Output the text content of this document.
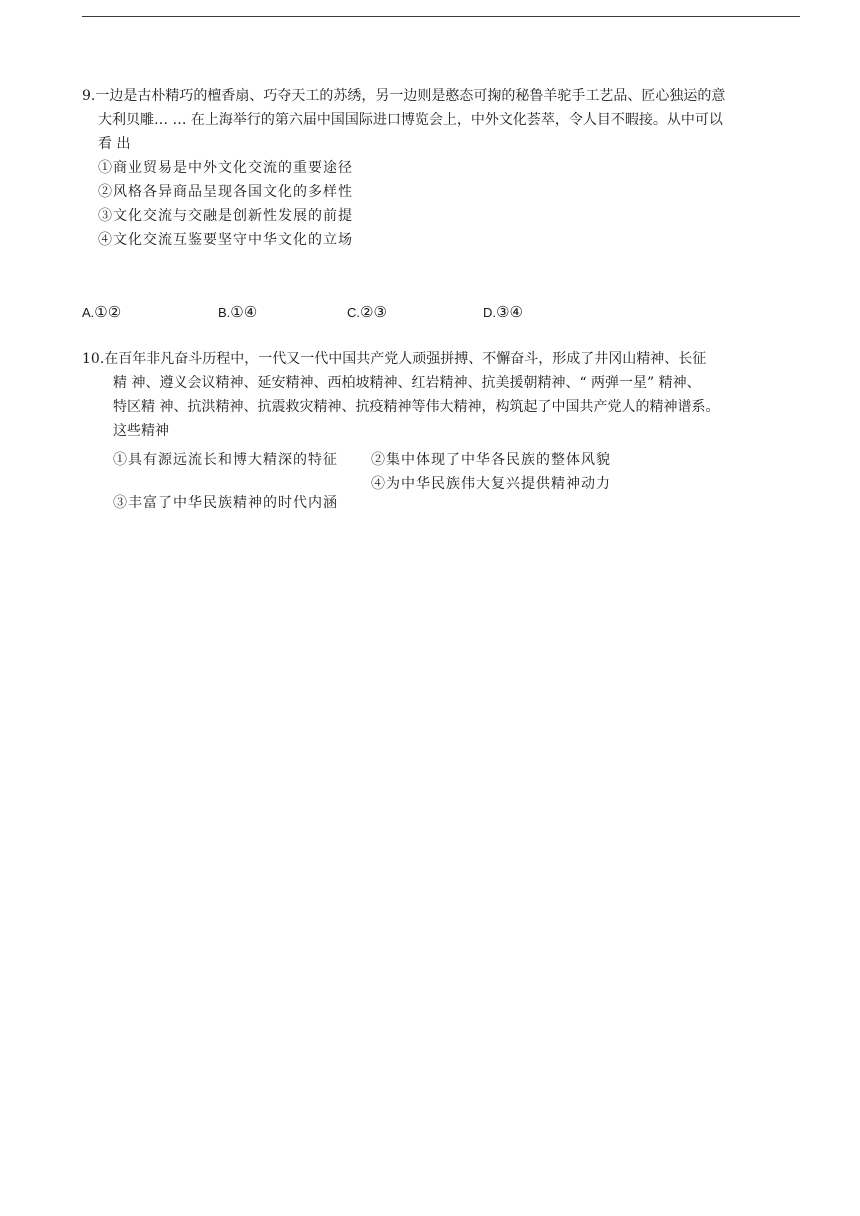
9.一边是古朴精巧的檀香扇、巧夺天工的苏绣，另一边则是憨态可掬的秘鲁羊驼手工艺品、匠心独运的意
大利贝雕… … 在上海举行的第六届中国国际进口博览会上，中外文化荟萃，令人目不暇接。从中可以
看 出
①商业贸易是中外文化交流的重要途径 ②风格各异商品呈现各国文化的多样性 ③文化交流与交融是创新性发展的前提 ④文化交流互鉴要坚守中华文化的立场
A.①②	B.①④	C.②③	D.③④
10.在百年非凡奋斗历程中，一代又一代中国共产党人顽强拼搏、不懈奋斗，形成了井冈山精神、长征
精 神、遵义会议精神、延安精神、西柏坡精神、红岩精神、抗美援朝精神、“ 两弹一星” 精神、
特区精 神、抗洪精神、抗震救灾精神、抗疫精神等伟大精神，构筑起了中国共产党人的精神谱系。
这些精神
①具有源远流长和博大精深的特征	②集中体现了中华各民族的整体风貌
③丰富了中华民族精神的时代内涵
④为中华民族伟大复兴提供精神动力
